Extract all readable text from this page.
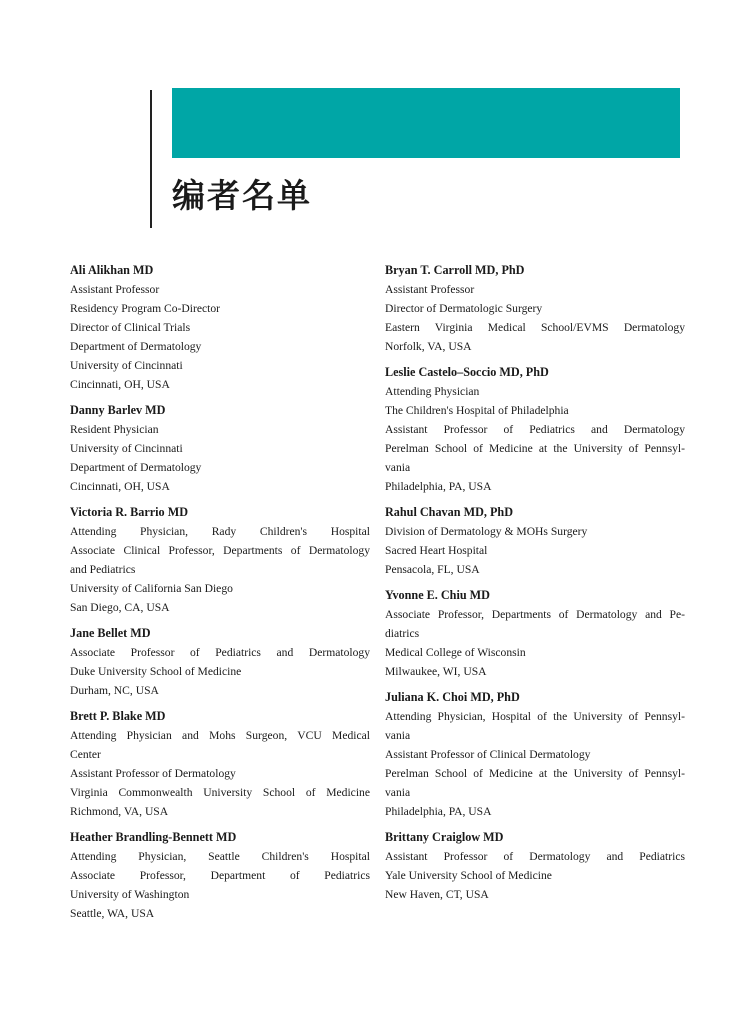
编者名单

Ali Alikhan MD

Assistant Professor

Residency Program Co-Director

Director of Clinical Trials

Department of Dermatology

University of Cincinnati

Cincinnati, OH, USA

Danny Barlev MD

Resident Physician

University of Cincinnati

Department of Dermatology

Cincinnati, OH, USA

Victoria R. Barrio MD

Attending Physician, Rady Children's Hospital

Associate Clinical Professor, Departments of Dermatology

and Pediatrics

University of California San Diego

San Diego, CA, USA

Jane Bellet MD

Associate Professor of Pediatrics and Dermatology

Duke University School of Medicine

Durham, NC, USA

Brett P. Blake MD

Attending Physician and Mohs Surgeon, VCU Medical

Center

Assistant Professor of Dermatology

Virginia Commonwealth University School of Medicine

Richmond, VA, USA

Heather Brandling-Bennett MD

Attending Physician, Seattle Children's Hospital

Associate Professor, Department of Pediatrics

University of Washington

Seattle, WA, USA

Bryan T. Carroll MD, PhD

Assistant Professor

Director of Dermatologic Surgery

Eastern Virginia Medical School/EVMS Dermatology

Norfolk, VA, USA

Leslie Castelo–Soccio MD, PhD

Attending Physician

The Children's Hospital of Philadelphia

Assistant Professor of Pediatrics and Dermatology

Perelman School of Medicine at the University of Pennsyl-

vania

Philadelphia, PA, USA

Rahul Chavan MD, PhD

Division of Dermatology & MOHs Surgery

Sacred Heart Hospital

Pensacola, FL, USA

Yvonne E. Chiu MD

Associate Professor, Departments of Dermatology and Pe-

diatrics

Medical College of Wisconsin

Milwaukee, WI, USA

Juliana K. Choi MD, PhD

Attending Physician, Hospital of the University of Pennsyl-

vania

Assistant Professor of Clinical Dermatology

Perelman School of Medicine at the University of Pennsyl-

vania

Philadelphia, PA, USA

Brittany Craiglow MD

Assistant Professor of Dermatology and Pediatrics

Yale University School of Medicine

New Haven, CT, USA
